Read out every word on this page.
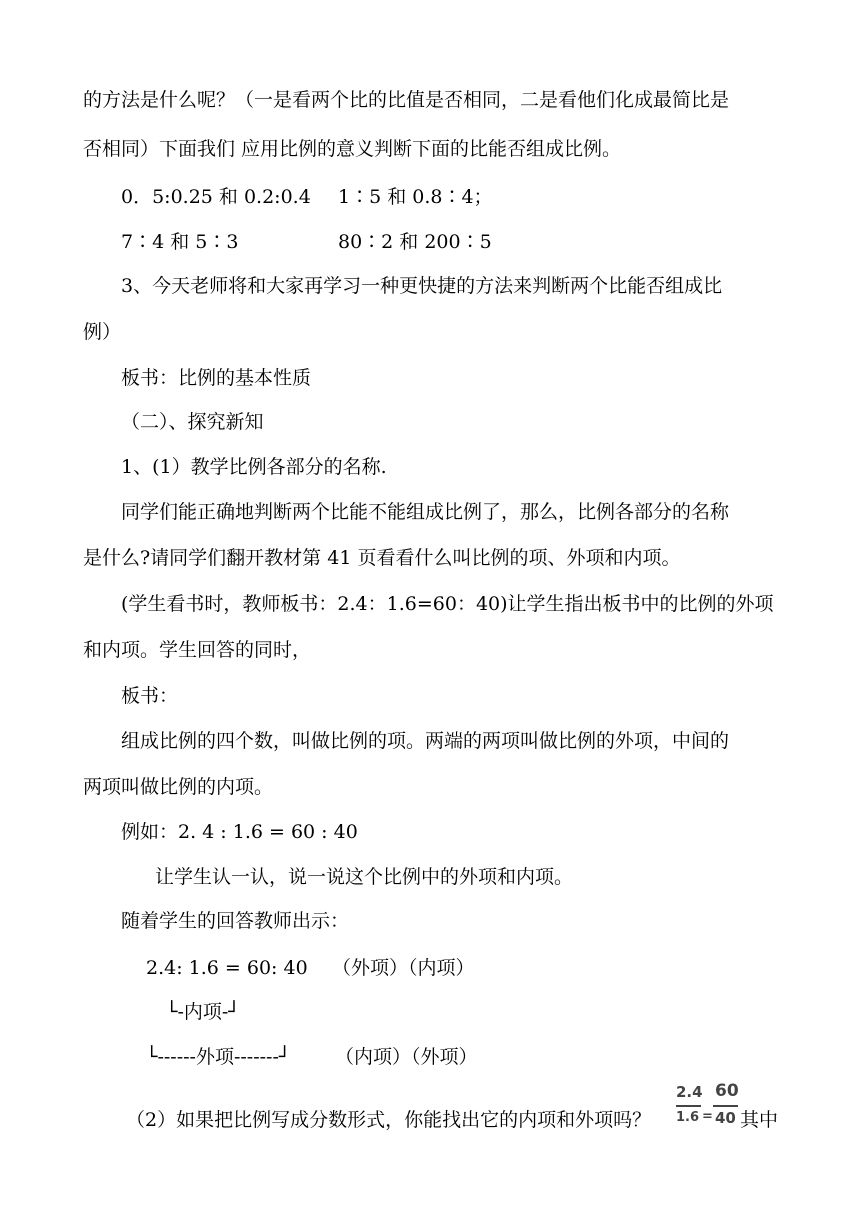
的方法是什么呢？（一是看两个比的比值是否相同，二是看他们化成最简比是
否相同）下面我们 应用比例的意义判断下面的比能否组成比例。
0．5:0.25 和 0.2:0.4 1∶5 和 0.8∶4；
7∶4 和 5∶3	80∶2 和 200∶5
3、今天老师将和大家再学习一种更快捷的方法来判断两个比能否组成比
例）
板书：比例的基本性质
（二）、探究新知
1、(1）教学比例各部分的名称.
同学们能正确地判断两个比能不能组成比例了，那么，比例各部分的名称
是什么?请同学们翻开教材第 41 页看看什么叫比例的项、外项和内项。
(学生看书时，教师板书：2.4：1.6=60：40)让学生指出板书中的比例的外项
和内项。学生回答的同时，
板书：
组成比例的四个数，叫做比例的项。两端的两项叫做比例的外项，中间的
两项叫做比例的内项。
例如：2. 4 : 1.6 = 60 : 40
让学生认一认，说一说这个比例中的外项和内项。
随着学生的回答教师出示：
2.4: 1.6 = 60: 40 （外项）（内项）
└-内项-┘
└------外项-------┘ （内项）（外项）
（2）如果把比例写成分数形式，你能找出它的内项和外项吗？
2.4 60
1.6 = 40 其中
